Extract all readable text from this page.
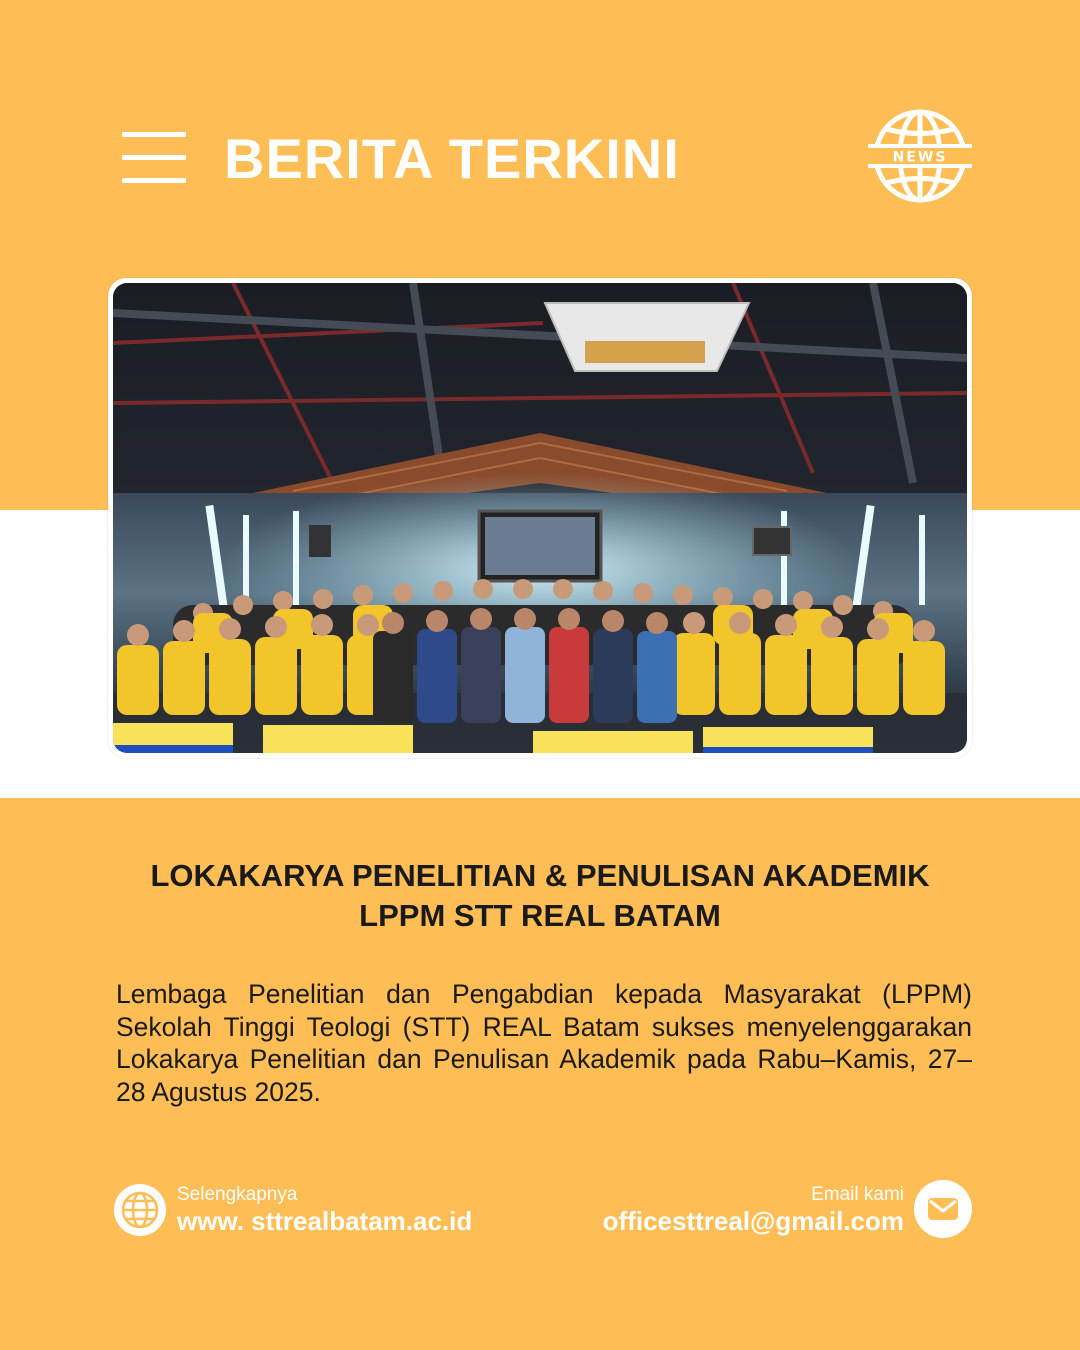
BERITA TERKINI	NEWS
LOKAKARYA PENELITIAN & PENULISAN AKADEMIK
LPPM STT REAL BATAM

Lembaga Penelitian dan Pengabdian kepada Masyarakat (LPPM) Sekolah Tinggi Teologi (STT) REAL Batam sukses menyelenggarakan Lokakarya Penelitian dan Penulisan Akademik pada Rabu–Kamis, 27–28 Agustus 2025.

Selengkapnya
www. sttrealbatam.ac.id
Email kami
officesttreal@gmail.com
